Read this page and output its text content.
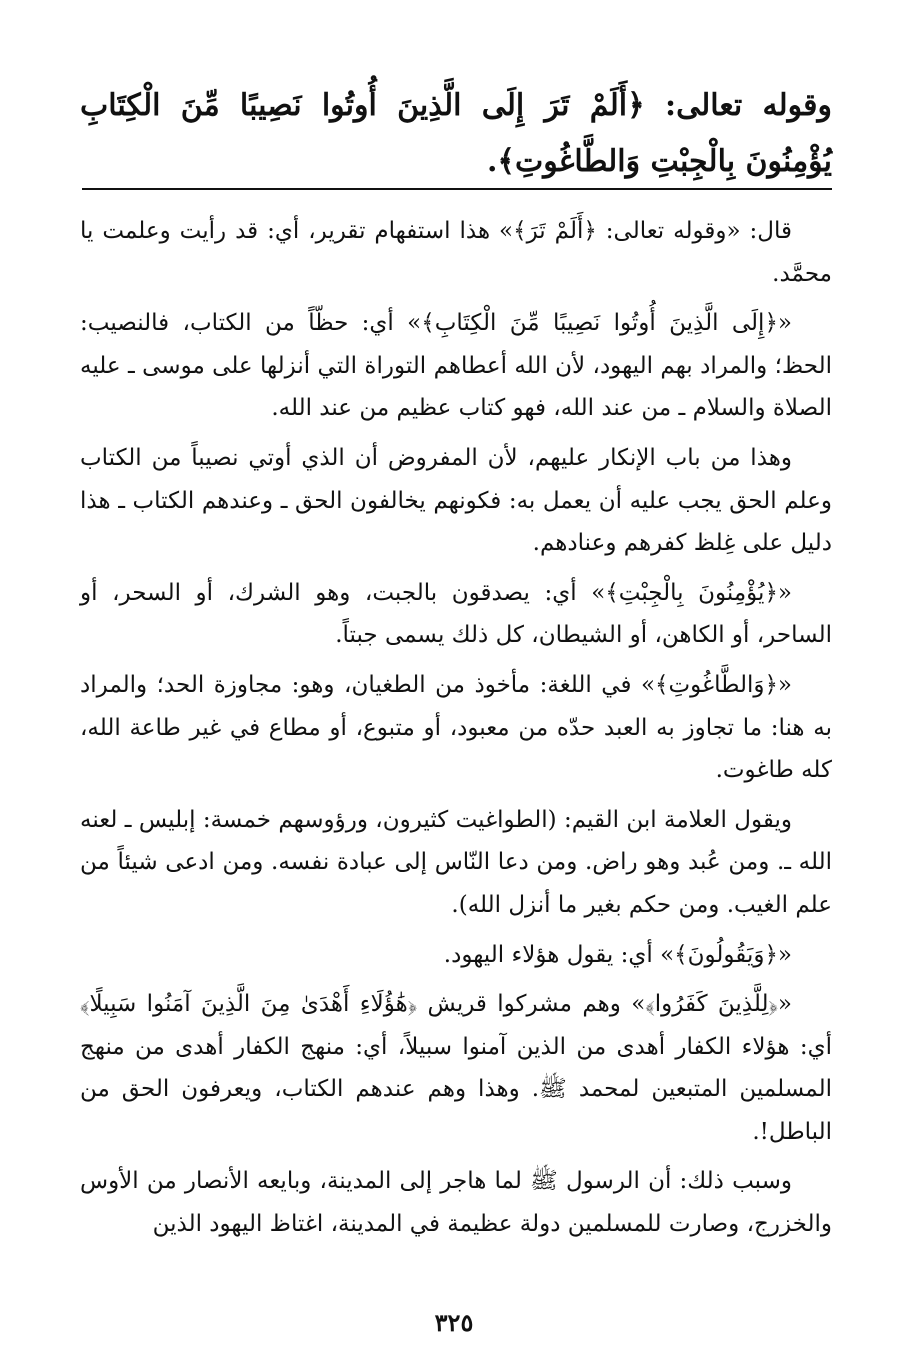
وقوله تعالى: ﴿أَلَمْ تَرَ إِلَى الَّذِينَ أُوتُوا نَصِيبًا مِّنَ الْكِتَابِ يُؤْمِنُونَ بِالْجِبْتِ وَالطَّاغُوتِ﴾.

قال: «وقوله تعالى: ﴿أَلَمْ تَرَ﴾» هذا استفهام تقرير، أي: قد رأيت وعلمت يا محمَّد.

«﴿إِلَى الَّذِينَ أُوتُوا نَصِيبًا مِّنَ الْكِتَابِ﴾» أي: حظّاً من الكتاب، فالنصيب: الحظ؛ والمراد بهم اليهود، لأن الله أعطاهم التوراة التي أنزلها على موسى ـ عليه الصلاة والسلام ـ من عند الله، فهو كتاب عظيم من عند الله.

وهذا من باب الإنكار عليهم، لأن المفروض أن الذي أوتي نصيباً من الكتاب وعلم الحق يجب عليه أن يعمل به: فكونهم يخالفون الحق ـ وعندهم الكتاب ـ هذا دليل على غِلظ كفرهم وعنادهم.

«﴿يُؤْمِنُونَ بِالْجِبْتِ﴾» أي: يصدقون بالجبت، وهو الشرك، أو السحر، أو الساحر، أو الكاهن، أو الشيطان، كل ذلك يسمى جبتاً.

«﴿وَالطَّاغُوتِ﴾» في اللغة: مأخوذ من الطغيان، وهو: مجاوزة الحد؛ والمراد به هنا: ما تجاوز به العبد حدّه من معبود، أو متبوع، أو مطاع في غير طاعة الله، كله طاغوت.

ويقول العلامة ابن القيم: (الطواغيت كثيرون، ورؤوسهم خمسة: إبليس ـ لعنه الله ـ. ومن عُبد وهو راض. ومن دعا النّاس إلى عبادة نفسه. ومن ادعى شيئاً من علم الغيب. ومن حكم بغير ما أنزل الله).

«﴿وَيَقُولُونَ﴾» أي: يقول هؤلاء اليهود.

«﴿لِلَّذِينَ كَفَرُوا﴾» وهم مشركوا قريش ﴿هَٰؤُلَاءِ أَهْدَىٰ مِنَ الَّذِينَ آمَنُوا سَبِيلًا﴾ أي: هؤلاء الكفار أهدى من الذين آمنوا سبيلاً، أي: منهج الكفار أهدى من منهج المسلمين المتبعين لمحمد ﷺ. وهذا وهم عندهم الكتاب، ويعرفون الحق من الباطل!.

وسبب ذلك: أن الرسول ﷺ لما هاجر إلى المدينة، وبايعه الأنصار من الأوس والخزرج، وصارت للمسلمين دولة عظيمة في المدينة، اغتاظ اليهود الذين

٣٢٥
